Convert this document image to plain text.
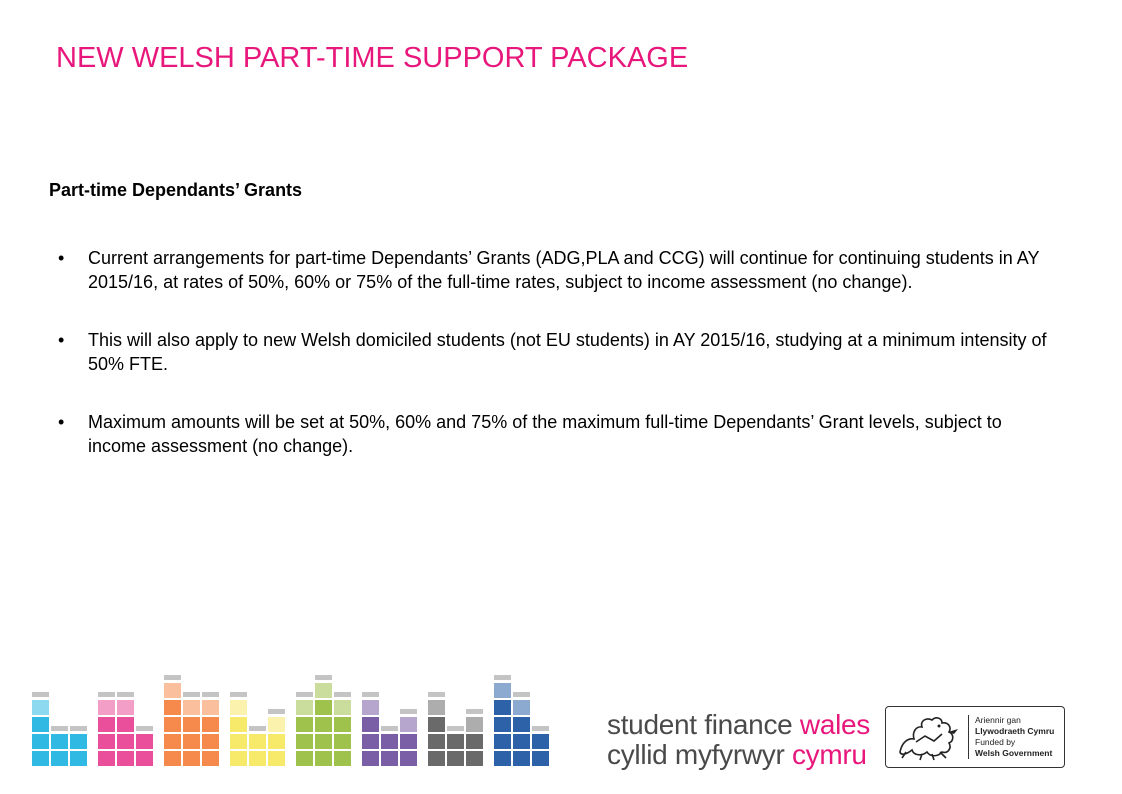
NEW WELSH PART-TIME SUPPORT PACKAGE
Part-time Dependants’ Grants
• Current arrangements for part-time Dependants’ Grants (ADG,PLA and CCG) will continue for continuing students in AY 2015/16, at rates of 50%, 60% or 75% of the full-time rates, subject to income assessment (no change).
• This will also apply to new Welsh domiciled students (not EU students) in AY 2015/16, studying at a minimum intensity of 50% FTE.
• Maximum amounts will be set at 50%, 60% and 75% of the maximum full-time Dependants’ Grant levels, subject to income assessment (no change).
student finance wales
cyllid myfyrwyr cymru
Ariennir gan
Llywodraeth Cymru
Funded by
Welsh Government
